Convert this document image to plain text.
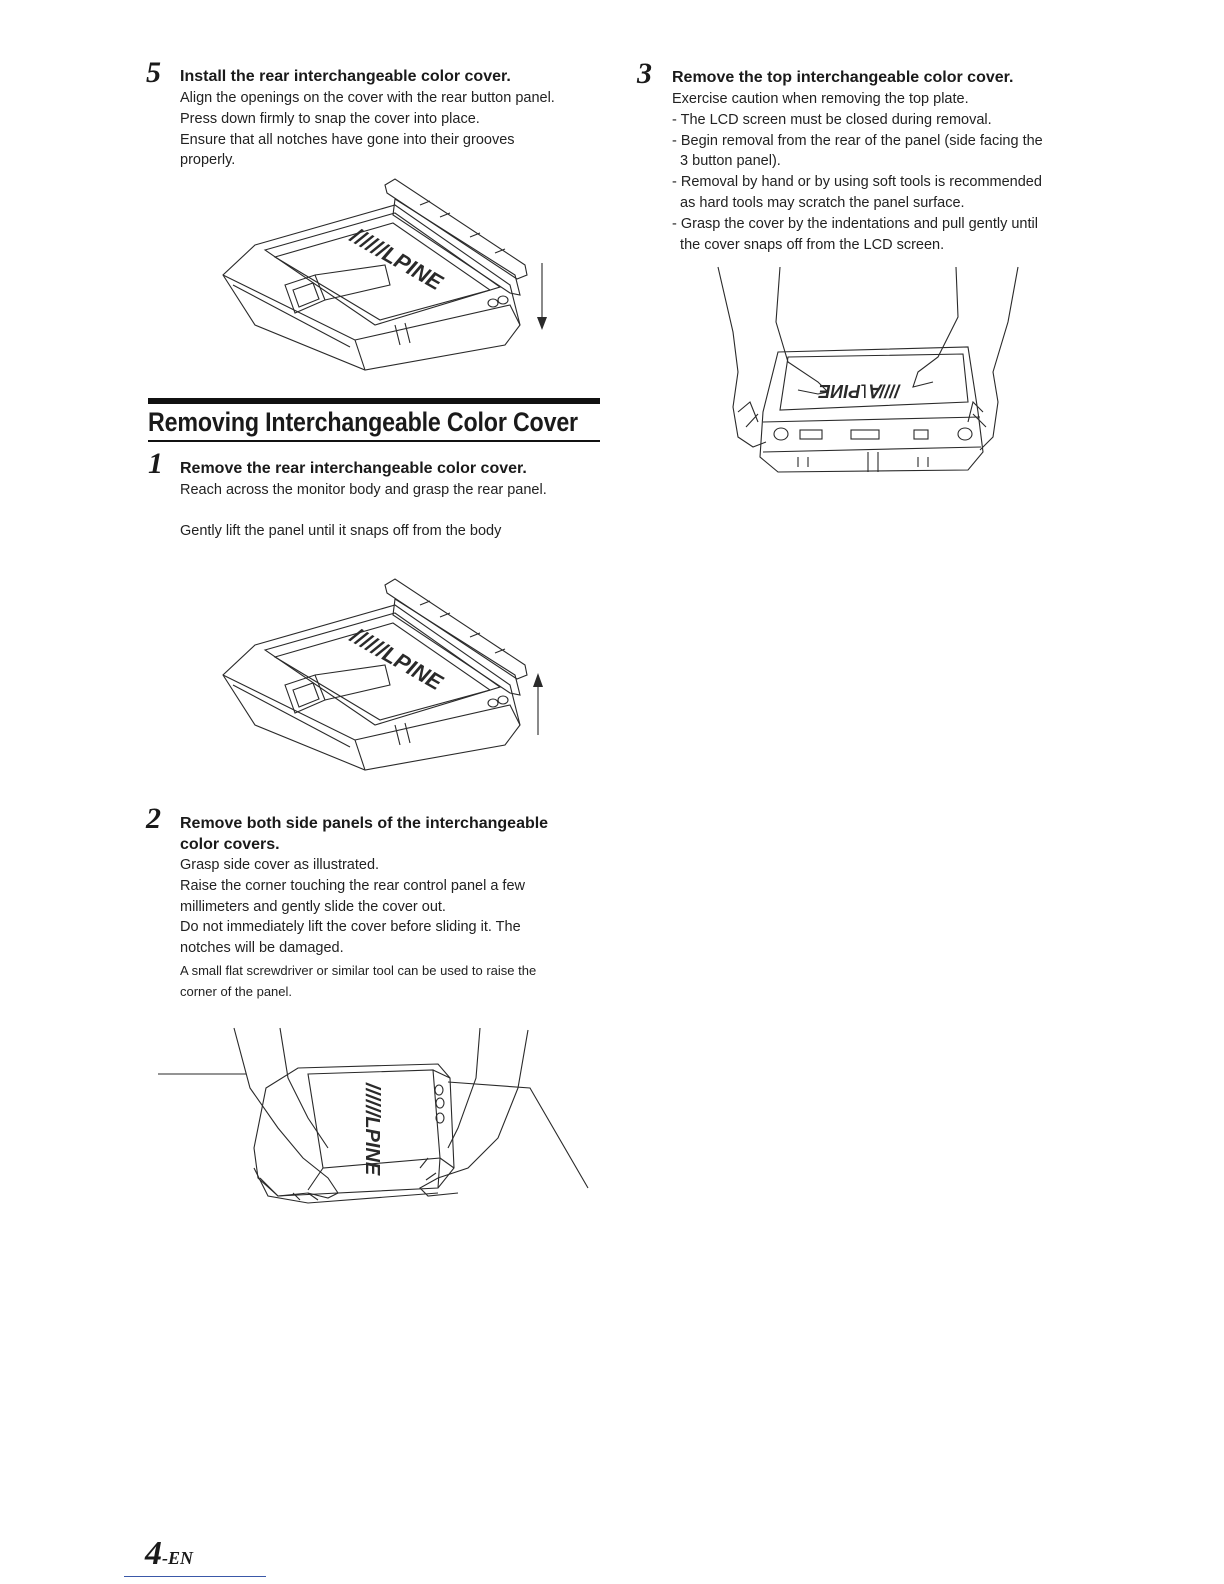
5 Install the rear interchangeable color cover.

Align the openings on the cover with the rear button panel.

Press down firmly to snap the cover into place.

Ensure that all notches have gone into their grooves

properly.

//////LPINE
Removing Interchangeable Color Cover
1 Remove the rear interchangeable color cover.

Reach across the monitor body and grasp the rear panel.

Gently lift the panel until it snaps off from the body

//////LPINE
2 Remove both side panels of the interchangeable
color covers.

Grasp side cover as illustrated.

Raise the corner touching the rear control panel a few

millimeters and gently slide the cover out.

Do not immediately lift the cover before sliding it. The

notches will be damaged.

A small flat screwdriver or similar tool can be used to raise the

corner of the panel.

//////LPINE
3 Remove the top interchangeable color cover.

Exercise caution when removing the top plate.

- The LCD screen must be closed during removal.

- Begin removal from the rear of the panel (side facing the

3 button panel).

- Removal by hand or by using soft tools is recommended

as hard tools may scratch the panel surface.

- Grasp the cover by the indentations and pull gently until

the cover snaps off from the LCD screen.

ƎИIԀ˥∀////
4-EN
